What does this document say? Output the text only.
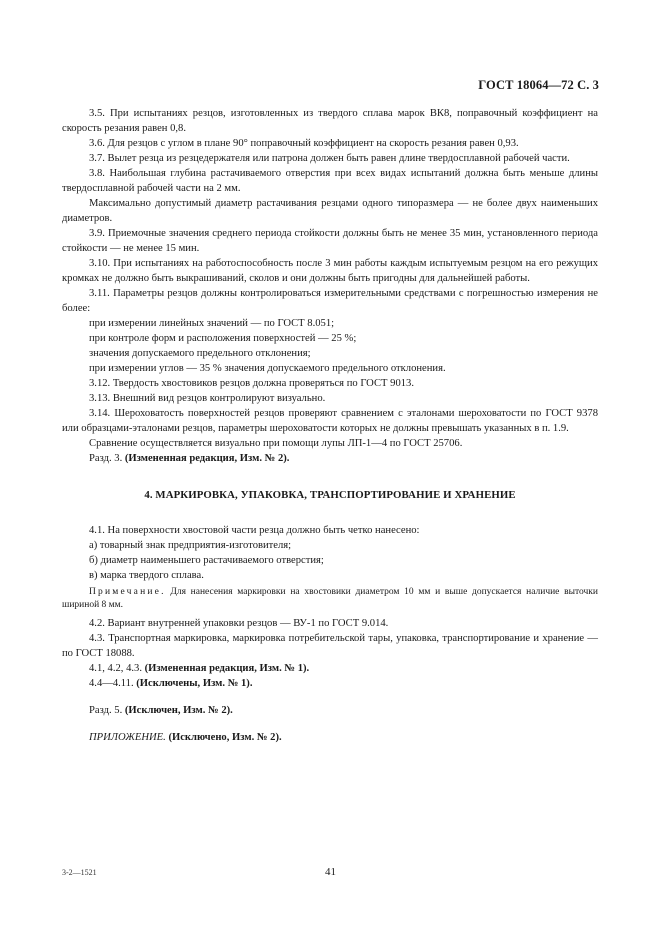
ГОСТ 18064—72 С. 3

3.5. При испытаниях резцов, изготовленных из твердого сплава марок ВК8, поправочный коэффициент на скорость резания равен 0,8.

3.6. Для резцов с углом в плане 90° поправочный коэффициент на скорость резания равен 0,93.

3.7. Вылет резца из резцедержателя или патрона должен быть равен длине твердосплавной рабочей части.

3.8. Наибольшая глубина растачиваемого отверстия при всех видах испытаний должна быть меньше длины твердосплавной рабочей части на 2 мм.

Максимально допустимый диаметр растачивания резцами одного типоразмера — не более двух наименьших диаметров.

3.9. Приемочные значения среднего периода стойкости должны быть не менее 35 мин, установленного периода стойкости — не менее 15 мин.

3.10. При испытаниях на работоспособность после 3 мин работы каждым испытуемым резцом на его режущих кромках не должно быть выкрашиваний, сколов и они должны быть пригодны для дальнейшей работы.

3.11. Параметры резцов должны контролироваться измерительными средствами с погрешностью измерения не более:

при измерении линейных значений — по ГОСТ 8.051;

при контроле форм и расположения поверхностей — 25 %;

значения допускаемого предельного отклонения;

при измерении углов — 35 % значения допускаемого предельного отклонения.

3.12. Твердость хвостовиков резцов должна проверяться по ГОСТ 9013.

3.13. Внешний вид резцов контролируют визуально.

3.14. Шероховатость поверхностей резцов проверяют сравнением с эталонами шероховатости по ГОСТ 9378 или образцами-эталонами резцов, параметры шероховатости которых не должны превышать указанных в п. 1.9.

Сравнение осуществляется визуально при помощи лупы ЛП-1—4 по ГОСТ 25706.

Разд. 3. (Измененная редакция, Изм. № 2).

4. МАРКИРОВКА, УПАКОВКА, ТРАНСПОРТИРОВАНИЕ И ХРАНЕНИЕ

4.1. На поверхности хвостовой части резца должно быть четко нанесено:

а) товарный знак предприятия-изготовителя;

б) диаметр наименьшего растачиваемого отверстия;

в) марка твердого сплава.

Примечание. Для нанесения маркировки на хвостовики диаметром 10 мм и выше допускается наличие выточки шириной 8 мм.

4.2. Вариант внутренней упаковки резцов — ВУ-1 по ГОСТ 9.014.

4.3. Транспортная маркировка, маркировка потребительской тары, упаковка, транспортирование и хранение — по ГОСТ 18088.

4.1, 4.2, 4.3. (Измененная редакция, Изм. № 1).

4.4—4.11. (Исключены, Изм. № 1).

Разд. 5. (Исключен, Изм. № 2).

ПРИЛОЖЕНИЕ. (Исключено, Изм. № 2).

3-2—1521	41
